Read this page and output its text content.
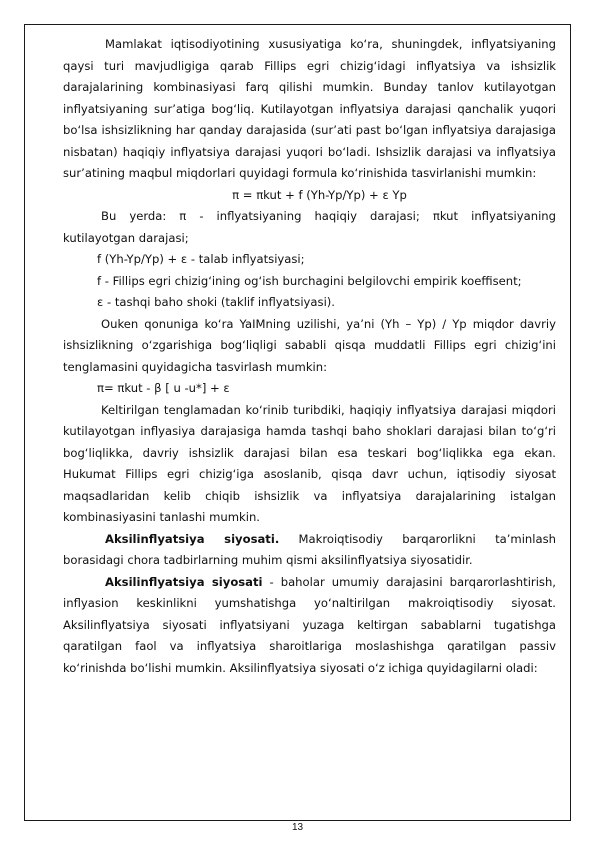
Mamlakat iqtisodiyotining xususiyatiga ko‘ra, shuningdek, inflyatsiyaning qaysi turi mavjudligiga qarab Fillips egri chizig‘idagi inflyatsiya va ishsizlik darajalarining kombinasiyasi farq qilishi mumkin. Bunday tanlov kutilayotgan inflyatsiyaning sur’atiga bog‘liq. Kutilayotgan inflyatsiya darajasi qanchalik yuqori bo‘lsa ishsizlikning har qanday darajasida (sur’ati past bo‘lgan inflyatsiya darajasiga nisbatan) haqiqiy inflyatsiya darajasi yuqori bo‘ladi. Ishsizlik darajasi va inflyatsiya sur’atining maqbul miqdorlari quyidagi formula ko‘rinishida tasvirlanishi mumkin:

π = πkut + f (Yh-Yp/Yp) + ε Yp

Bu yerda: π - inflyatsiyaning haqiqiy darajasi; πkut inflyatsiyaning kutilayotgan darajasi;

f (Yh-Yp/Yp) + ε - talab inflyatsiyasi;

f - Fillips egri chizig‘ining og‘ish burchagini belgilovchi empirik koeffisent;

ε - tashqi baho shoki (taklif inflyatsiyasi).

Ouken qonuniga ko‘ra YaIMning uzilishi, ya’ni (Yh – Yp) / Yp miqdor davriy ishsizlikning o‘zgarishiga bog‘liqligi sababli qisqa muddatli Fillips egri chizig‘ini tenglamasini quyidagicha tasvirlash mumkin:

π= πkut - β [ u -u*] + ε

Keltirilgan tenglamadan ko‘rinib turibdiki, haqiqiy inflyatsiya darajasi miqdori kutilayotgan inflyasiya darajasiga hamda tashqi baho shoklari darajasi bilan to‘g‘ri bog‘liqlikka, davriy ishsizlik darajasi bilan esa teskari bog‘liqlikka ega ekan. Hukumat Fillips egri chizig‘iga asoslanib, qisqa davr uchun, iqtisodiy siyosat maqsadlaridan kelib chiqib ishsizlik va inflyatsiya darajalarining istalgan kombinasiyasini tanlashi mumkin.

Aksilinflyatsiya siyosati. Makroiqtisodiy barqarorlikni ta’minlash borasidagi chora tadbirlarning muhim qismi aksilinflyatsiya siyosatidir.

Aksilinflyatsiya siyosati - baholar umumiy darajasini barqarorlashtirish, inflyasion keskinlikni yumshatishga yo‘naltirilgan makroiqtisodiy siyosat. Aksilinflyatsiya siyosati inflyatsiyani yuzaga keltirgan sabablarni tugatishga qaratilgan faol va inflyatsiya sharoitlariga moslashishga qaratilgan passiv ko‘rinishda bo‘lishi mumkin. Aksilinflyatsiya siyosati o‘z ichiga quyidagilarni oladi:

13
